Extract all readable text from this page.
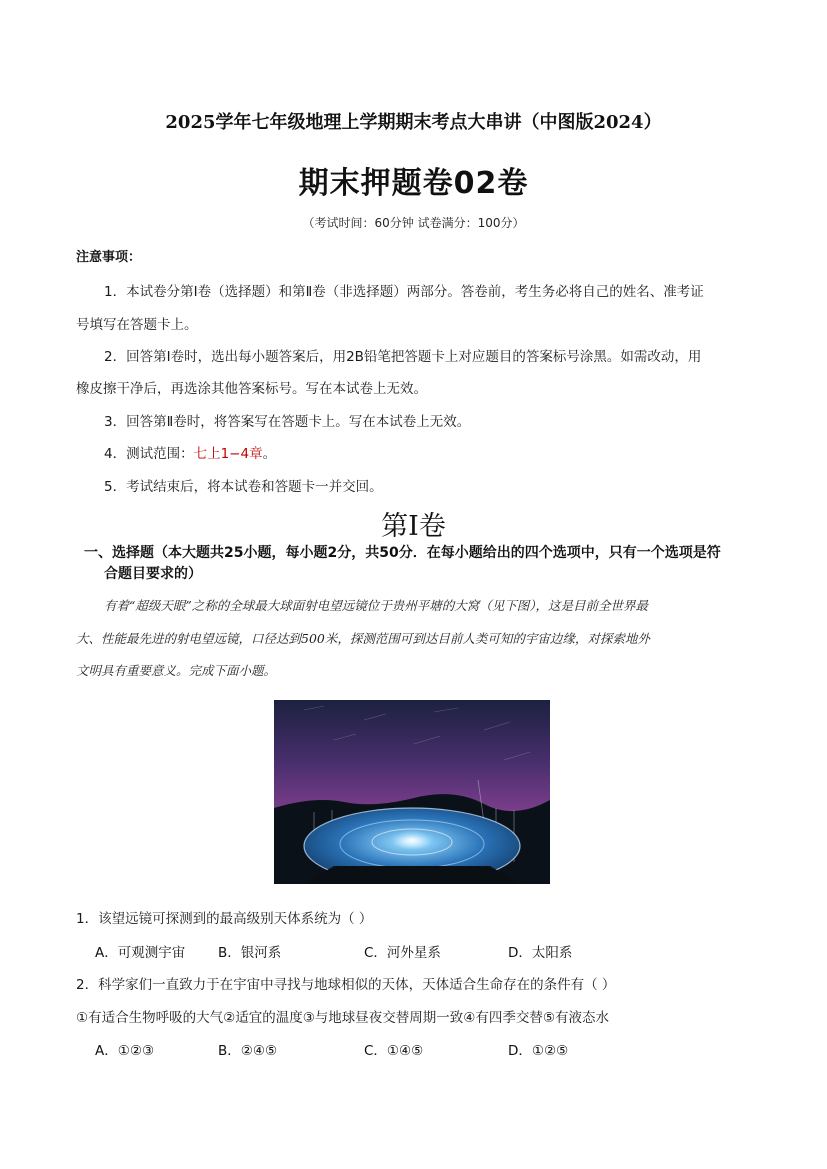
2025学年七年级地理上学期期末考点大串讲（中图版2024）
期末押题卷02卷
（考试时间：60分钟 试卷满分：100分）
注意事项：
1．本试卷分第Ⅰ卷（选择题）和第Ⅱ卷（非选择题）两部分。答卷前，考生务必将自己的姓名、准考证
号填写在答题卡上。
2．回答第Ⅰ卷时，选出每小题答案后，用2B铅笔把答题卡上对应题目的答案标号涂黑。如需改动，用
橡皮擦干净后，再选涂其他答案标号。写在本试卷上无效。
3．回答第Ⅱ卷时，将答案写在答题卡上。写在本试卷上无效。
4．测试范围：七上1−4章。
5．考试结束后，将本试卷和答题卡一并交回。
第Ⅰ卷
一、选择题（本大题共25小题，每小题2分，共50分．在每小题给出的四个选项中，只有一个选项是符
合题目要求的）
有着“超级天眼”之称的全球最大球面射电望远镜位于贵州平塘的大窝（见下图），这是目前全世界最
大、性能最先进的射电望远镜，口径达到500米，探测范围可到达目前人类可知的宇宙边缘，对探索地外
文明具有重要意义。完成下面小题。
1．该望远镜可探测到的最高级别天体系统为（ ）
A．可观测宇宙 B．银河系	C．河外星系	D．太阳系
2．科学家们一直致力于在宇宙中寻找与地球相似的天体，天体适合生命存在的条件有（ ）
①有适合生物呼吸的大气②适宜的温度③与地球昼夜交替周期一致④有四季交替⑤有液态水
A．①②③	B．②④⑤	C．①④⑤	D．①②⑤
